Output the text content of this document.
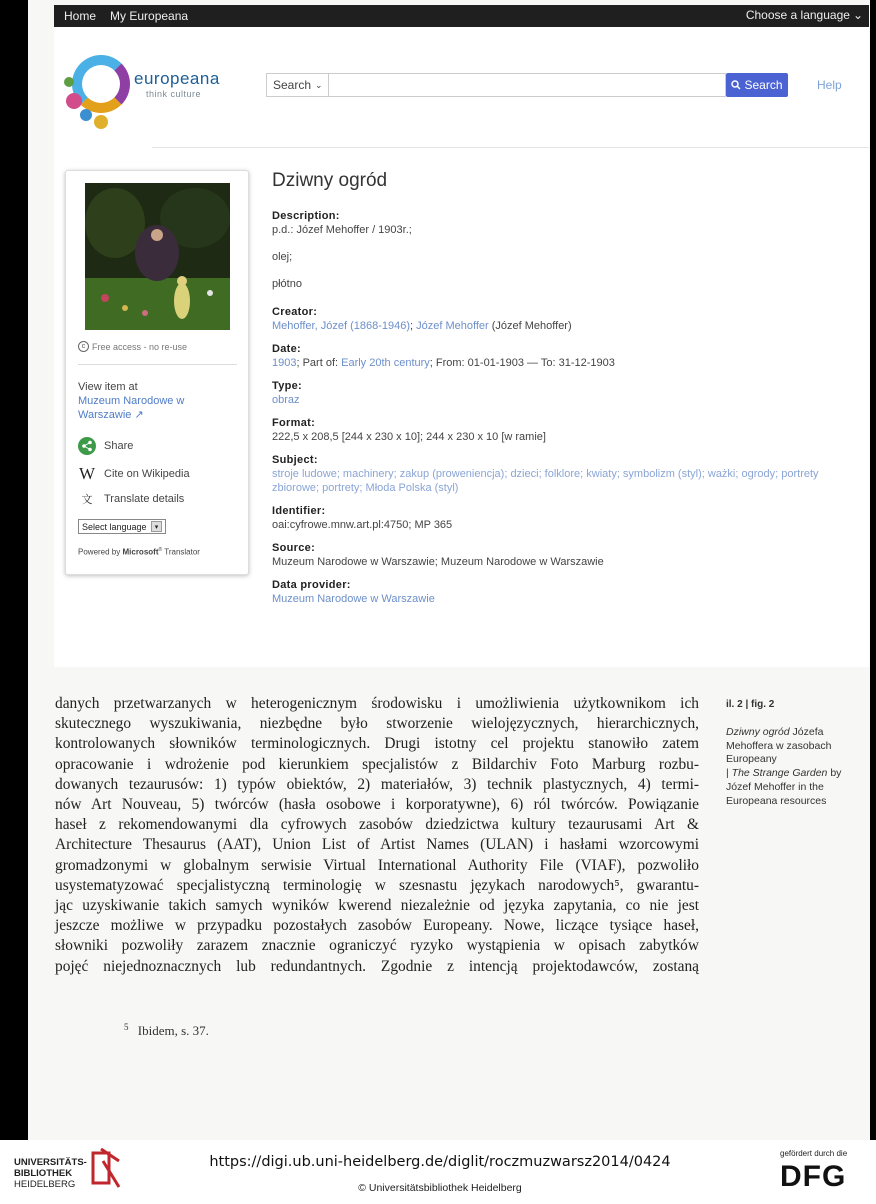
Home My Europeana	Choose a language ⌄
europeana
think culture
Search ⌄	Search	Help
c Free access - no re-use
View item at
Muzeum Narodowe w Warszawie ↗
Share
W Cite on Wikipedia
文	Translate details
Select language	▾
Powered by Microsoft® Translator
Dziwny ogród
Description:
p.d.: Józef Mehoffer / 1903r.;
olej;
płótno
Creator:
Mehoffer, Józef (1868-1946); Józef Mehoffer (Józef Mehoffer)
Date:
1903; Part of: Early 20th century; From: 01-01-1903 — To: 31-12-1903
Type:
obraz
Format:
222,5 x 208,5 [244 x 230 x 10]; 244 x 230 x 10 [w ramie]
Subject:
stroje ludowe; machinery; zakup (proweniencja); dzieci; folklore; kwiaty; symbolizm (styl); ważki; ogrody; portrety zbiorowe; portrety; Młoda Polska (styl)
Identifier:
oai:cyfrowe.mnw.art.pl:4750; MP 365
Source:
Muzeum Narodowe w Warszawie; Muzeum Narodowe w Warszawie
Data provider:
Muzeum Narodowe w Warszawie

danych przetwarzanych w heterogenicznym środowisku i umożliwienia użytkownikom ich

skutecznego wyszukiwania, niezbędne było stworzenie wielojęzycznych, hierarchicznych,

kontrolowanych słowników terminologicznych. Drugi istotny cel projektu stanowiło zatem

opracowanie i wdrożenie pod kierunkiem specjalistów z Bildarchiv Foto Marburg rozbu-

dowanych tezaurusów: 1) typów obiektów, 2) materiałów, 3) technik plastycznych, 4) termi-

nów Art Nouveau, 5) twórców (hasła osobowe i korporatywne), 6) ról twórców. Powiązanie

haseł z rekomendowanymi dla cyfrowych zasobów dziedzictwa kultury tezaurusami Art &

Architecture Thesaurus (AAT), Union List of Artist Names (ULAN) i hasłami wzorcowymi

gromadzonymi w globalnym serwisie Virtual International Authority File (VIAF), pozwoliło

usystematyzować specjalistyczną terminologię w szesnastu językach narodowych⁵, gwarantu-

jąc uzyskiwanie takich samych wyników kwerend niezależnie od języka zapytania, co nie jest

jeszcze możliwe w przypadku pozostałych zasobów Europeany. Nowe, liczące tysiące haseł,

słowniki pozwoliły zarazem znacznie ograniczyć ryzyko wystąpienia w opisach zabytków

pojęć niejednoznacznych lub redundantnych. Zgodnie z intencją projektodawców, zostaną

il. 2 | fig. 2
Dziwny ogród Józefa Mehoffera w zasobach Europeany
| The Strange Garden by Józef Mehoffer in the Europeana resources
$^5$ Ibidem, s. 37.
UNIVERSITÄTS-
BIBLIOTHEK
HEIDELBERG
https://digi.ub.uni-heidelberg.de/diglit/roczmuzwarsz2014/0424
© Universitätsbibliothek Heidelberg
gefördert durch die
DFG
